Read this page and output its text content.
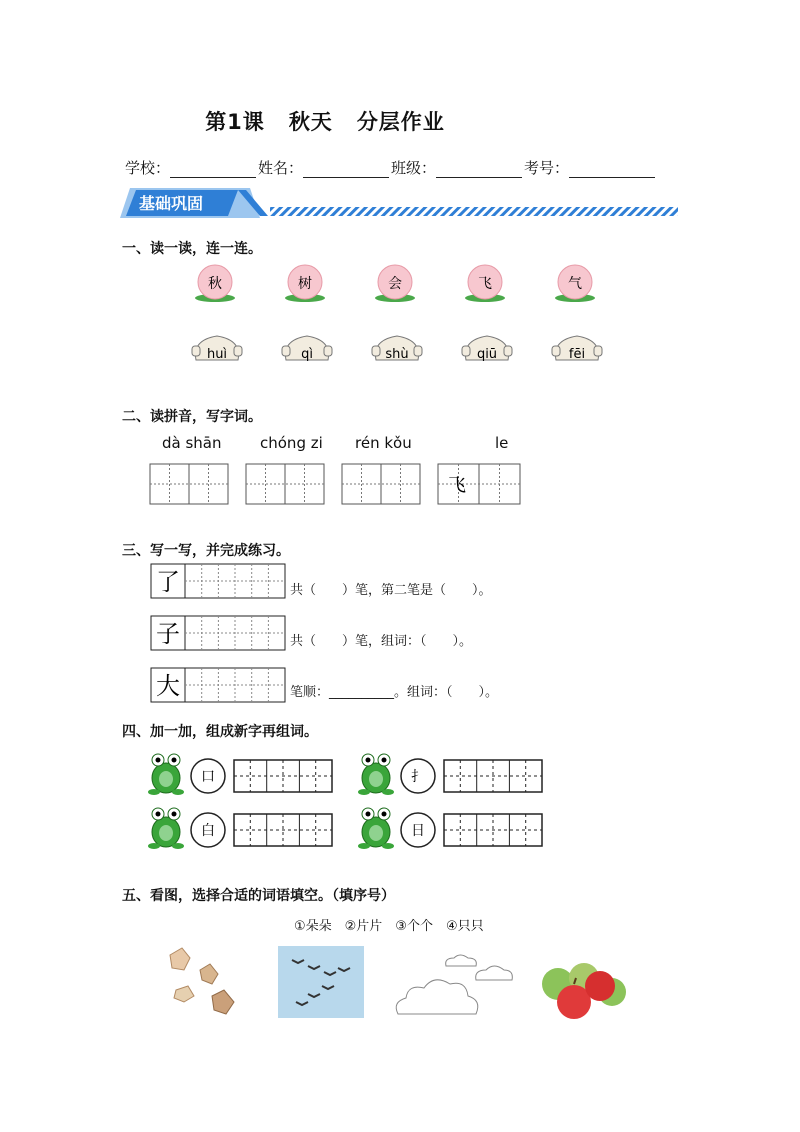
第1课 秋天 分层作业
学校：	姓名：	班级：	考号：
基础巩固
一、读一读，连一连。
秋	树	会	飞	气
huì	qì	shù	qiū	fēi
二、读拼音，写字词。
dà shān	chóng zi rén kǒu	le
飞
三、写一写，并完成练习。
了
子
大
共（　　）笔，第二笔是（　　）。
共（　　）笔，组词：（　　）。
笔顺：__________。组词：（　　）。
四、加一加，组成新字再组词。
口	扌
白	日
五、看图，选择合适的词语填空。（填序号）
①朵朵　②片片　③个个　④只只
